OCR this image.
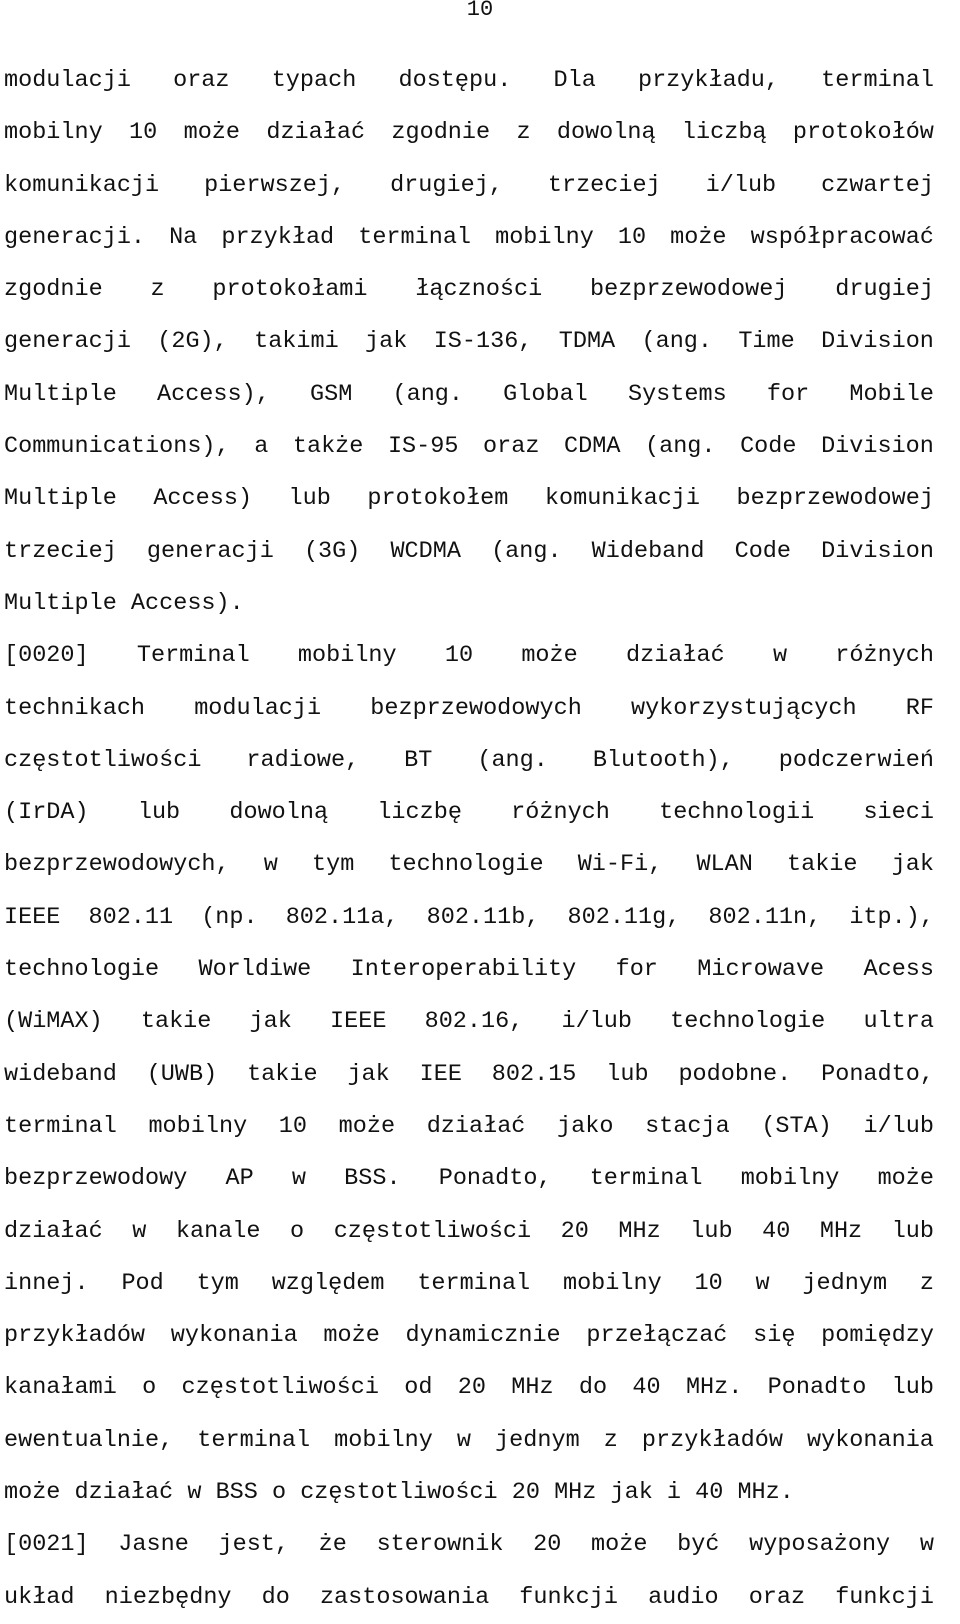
10
modulacji oraz typach dostępu. Dla przykładu, terminal
mobilny 10 może działać zgodnie z dowolną liczbą protokołów
komunikacji pierwszej, drugiej, trzeciej i/lub czwartej
generacji. Na przykład terminal mobilny 10 może współpracować
zgodnie z protokołami łączności bezprzewodowej drugiej
generacji (2G), takimi jak IS-136, TDMA (ang. Time Division
Multiple Access), GSM (ang. Global Systems for Mobile
Communications), a także IS-95 oraz CDMA (ang. Code Division
Multiple Access) lub protokołem komunikacji bezprzewodowej
trzeciej generacji (3G) WCDMA (ang. Wideband Code Division
Multiple Access).
[0020] Terminal mobilny 10 może działać w różnych
technikach modulacji bezprzewodowych wykorzystujących RF
częstotliwości radiowe, BT (ang. Blutooth), podczerwień
(IrDA) lub dowolną liczbę różnych technologii sieci
bezprzewodowych, w tym technologie Wi-Fi, WLAN takie jak
IEEE 802.11 (np. 802.11a, 802.11b, 802.11g, 802.11n, itp.),
technologie Worldiwe Interoperability for Microwave Acess
(WiMAX) takie jak IEEE 802.16, i/lub technologie ultra
wideband (UWB) takie jak IEE 802.15 lub podobne. Ponadto,
terminal mobilny 10 może działać jako stacja (STA) i/lub
bezprzewodowy AP w BSS. Ponadto, terminal mobilny może
działać w kanale o częstotliwości 20 MHz lub 40 MHz lub
innej. Pod tym względem terminal mobilny 10 w jednym z
przykładów wykonania może dynamicznie przełączać się pomiędzy
kanałami o częstotliwości od 20 MHz do 40 MHz. Ponadto lub
ewentualnie, terminal mobilny w jednym z przykładów wykonania
może działać w BSS o częstotliwości 20 MHz jak i 40 MHz.
[0021] Jasne jest, że sterownik 20 może być wyposażony w
układ niezbędny do zastosowania funkcji audio oraz funkcji
